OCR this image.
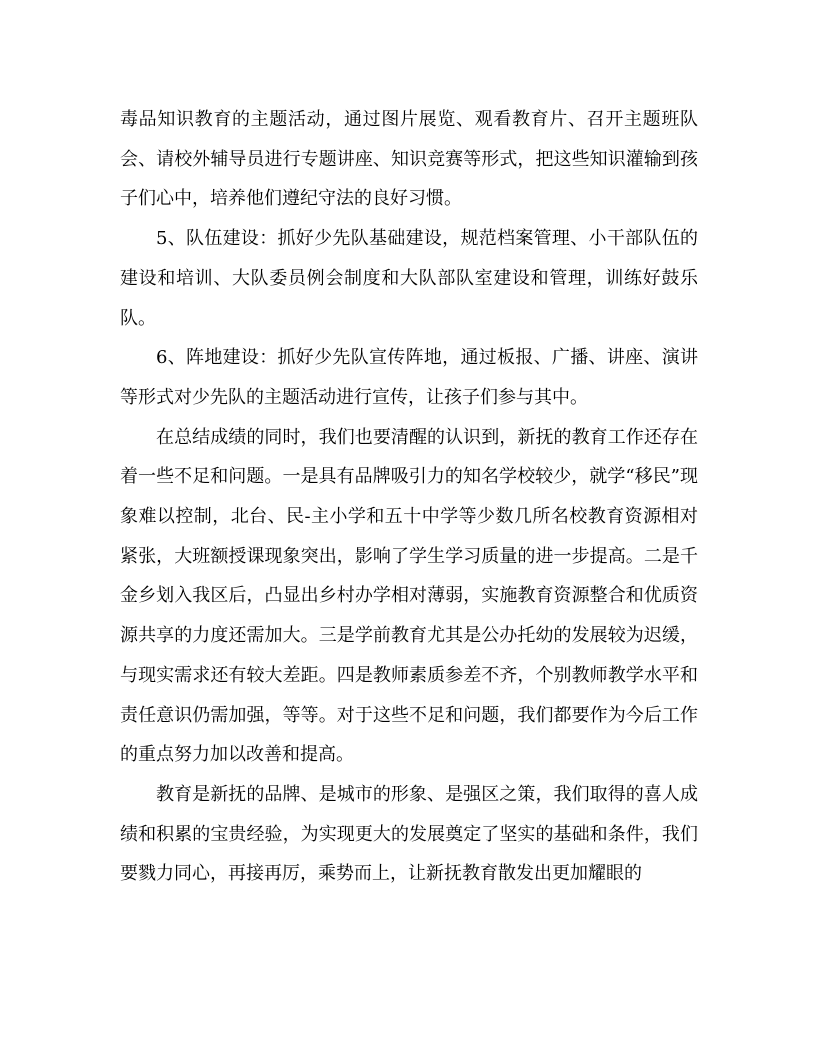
毒品知识教育的主题活动，通过图片展览、观看教育片、召开主题班队会、请校外辅导员进行专题讲座、知识竞赛等形式，把这些知识灌输到孩子们心中，培养他们遵纪守法的良好习惯。

5、队伍建设：抓好少先队基础建设，规范档案管理、小干部队伍的建设和培训、大队委员例会制度和大队部队室建设和管理，训练好鼓乐队。

6、阵地建设：抓好少先队宣传阵地，通过板报、广播、讲座、演讲等形式对少先队的主题活动进行宣传，让孩子们参与其中。

在总结成绩的同时，我们也要清醒的认识到，新抚的教育工作还存在着一些不足和问题。一是具有品牌吸引力的知名学校较少，就学“移民”现象难以控制，北台、民-主小学和五十中学等少数几所名校教育资源相对紧张，大班额授课现象突出，影响了学生学习质量的进一步提高。二是千金乡划入我区后，凸显出乡村办学相对薄弱，实施教育资源整合和优质资源共享的力度还需加大。三是学前教育尤其是公办托幼的发展较为迟缓，与现实需求还有较大差距。四是教师素质参差不齐，个别教师教学水平和责任意识仍需加强，等等。对于这些不足和问题，我们都要作为今后工作的重点努力加以改善和提高。

教育是新抚的品牌、是城市的形象、是强区之策，我们取得的喜人成绩和积累的宝贵经验，为实现更大的发展奠定了坚实的基础和条件，我们要戮力同心，再接再厉，乘势而上，让新抚教育散发出更加耀眼的
